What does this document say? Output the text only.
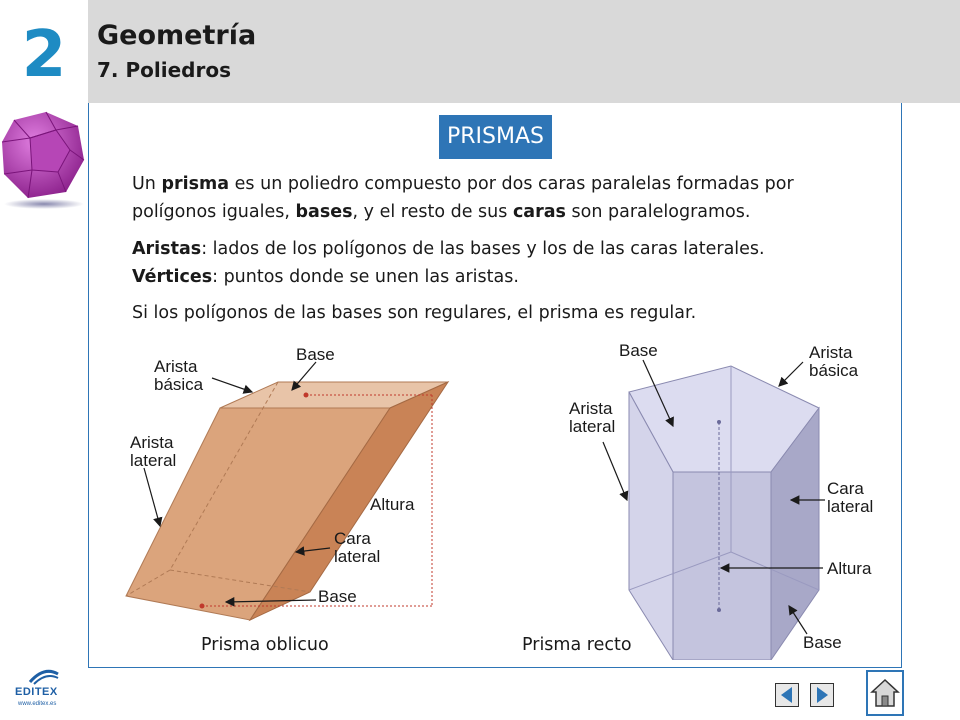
2	Geometría
7. Poliedros
PRISMAS
Un prisma es un poliedro compuesto por dos caras paralelas formadas por polígonos iguales, bases, y el resto de sus caras son paralelogramos.
Aristas: lados de los polígonos de las bases y los de las caras laterales.
Vértices: puntos donde se unen las aristas.
Si los polígonos de las bases son regulares, el prisma es regular.
Base
Arista
básica
Arista
lateral
Altura
Cara
lateral
Base
Base	Arista
básica
Arista
lateral
Cara
lateral
Altura
Base
Prisma oblicuo	Prisma recto
EDITEX
www.editex.es
